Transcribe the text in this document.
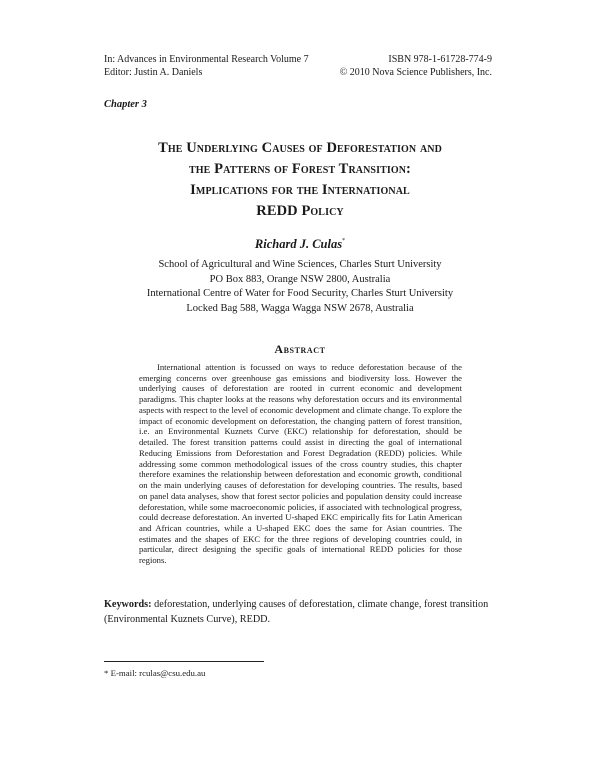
In: Advances in Environmental Research Volume 7
Editor: Justin A. Daniels
ISBN 978-1-61728-774-9
© 2010 Nova Science Publishers, Inc.
Chapter 3
The Underlying Causes of Deforestation and
the Patterns of Forest Transition:
Implications for the International
REDD Policy
Richard J. Culas*
School of Agricultural and Wine Sciences, Charles Sturt University
PO Box 883, Orange NSW 2800, Australia
International Centre of Water for Food Security, Charles Sturt University
Locked Bag 588, Wagga Wagga NSW 2678, Australia
Abstract

International attention is focussed on ways to reduce deforestation because of the emerging concerns over greenhouse gas emissions and biodiversity loss. However the underlying causes of deforestation are rooted in current economic and development paradigms. This chapter looks at the reasons why deforestation occurs and its environmental aspects with respect to the level of economic development and climate change. To explore the impact of economic development on deforestation, the changing pattern of forest transition, i.e. an Environmental Kuznets Curve (EKC) relationship for deforestation, should be detailed. The forest transition patterns could assist in directing the goal of international Reducing Emissions from Deforestation and Forest Degradation (REDD) policies. While addressing some common methodological issues of the cross country studies, this chapter therefore examines the relationship between deforestation and economic growth, conditional on the main underlying causes of deforestation for developing countries. The results, based on panel data analyses, show that forest sector policies and population density could increase deforestation, while some macroeconomic policies, if associated with technological progress, could decrease deforestation. An inverted U-shaped EKC empirically fits for Latin American and African countries, while a U-shaped EKC does the same for Asian countries. The estimates and the shapes of EKC for the three regions of developing countries could, in particular, direct designing the specific goals of international REDD policies for those regions.

Keywords: deforestation, underlying causes of deforestation, climate change, forest transition (Environmental Kuznets Curve), REDD.

* E-mail: rculas@csu.edu.au
